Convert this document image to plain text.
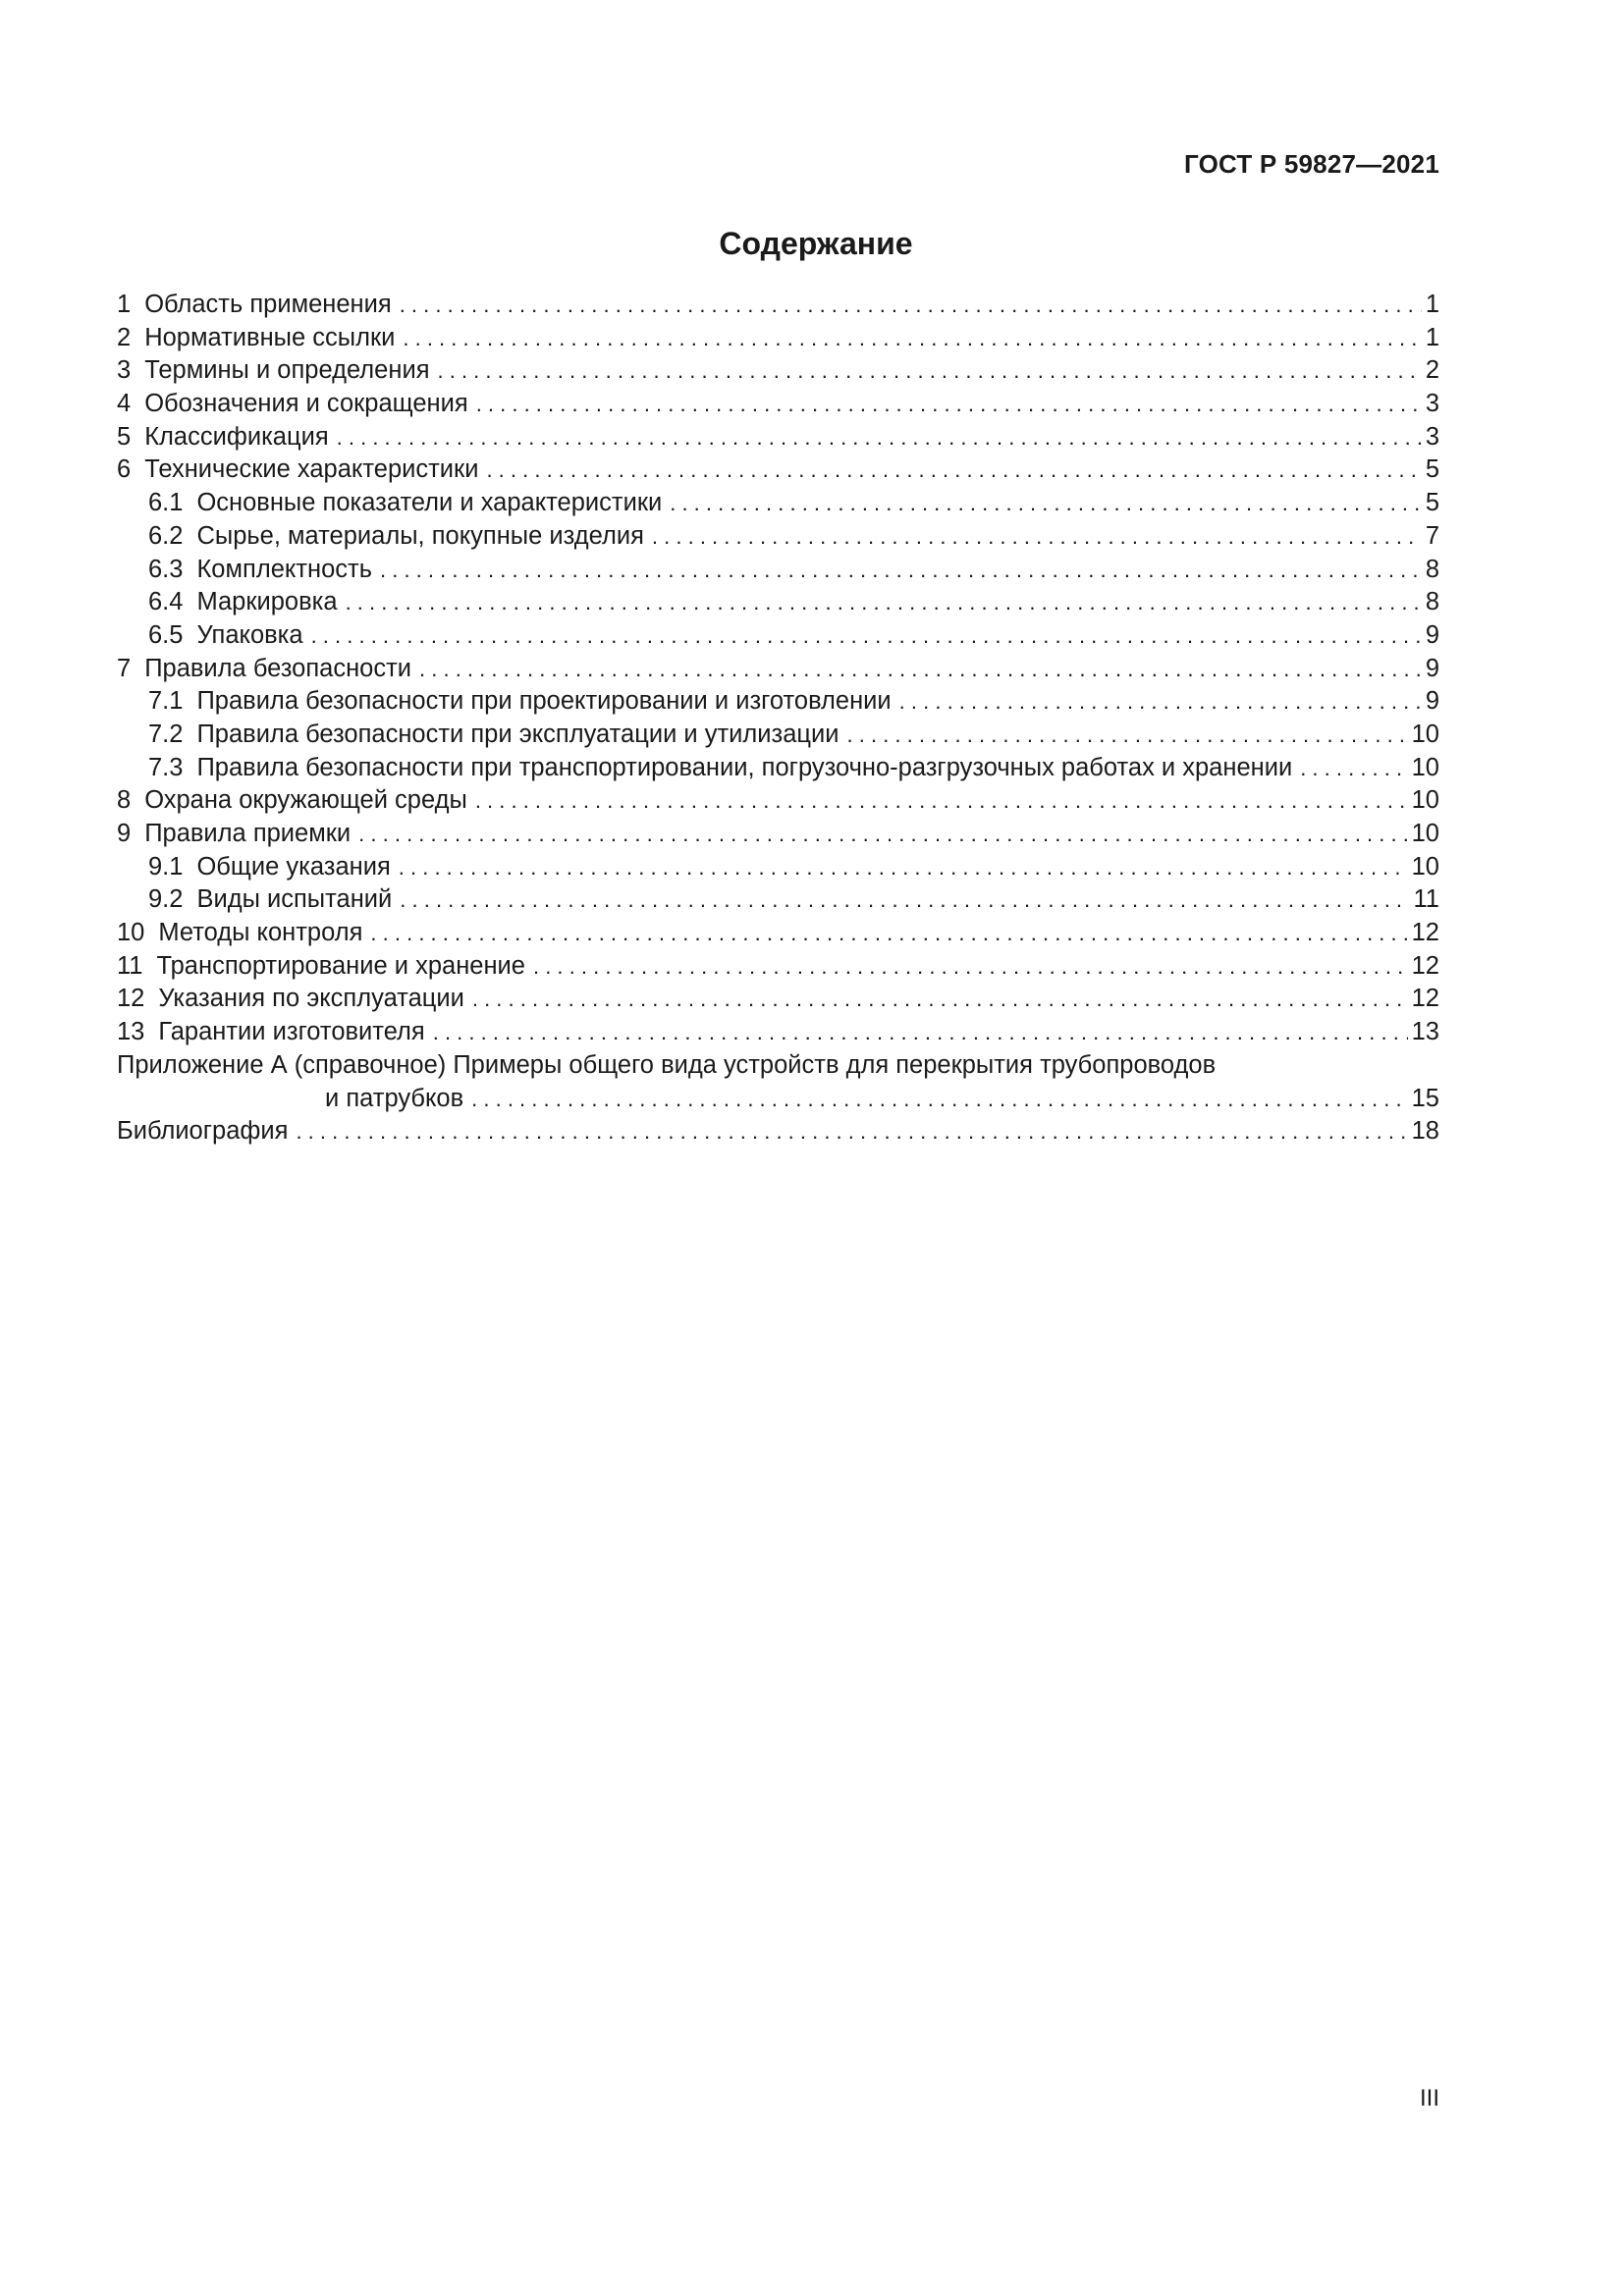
ГОСТ Р 59827—2021
Содержание
1 Область применения . . .	1
2 Нормативные ссылки . . .	1
3 Термины и определения . . .	2
4 Обозначения и сокращения . . .	3
5 Классификация . . .	3
6 Технические характеристики . . .	5
6.1 Основные показатели и характеристики . . .	5
6.2 Сырье, материалы, покупные изделия . . .	7
6.3 Комплектность . . .	8
6.4 Маркировка . . .	8
6.5 Упаковка . . .	9
7 Правила безопасности . . .	9
7.1 Правила безопасности при проектировании и изготовлении . . .	9
7.2 Правила безопасности при эксплуатации и утилизации . . .	10
7.3 Правила безопасности при транспортировании, погрузочно-разгрузочных работах и хранении . . .	10
8 Охрана окружающей среды . . .	10
9 Правила приемки . . .	10
9.1 Общие указания . . .	10
9.2 Виды испытаний . . .	11
10 Методы контроля . . .	12
11 Транспортирование и хранение . . .	12
12 Указания по эксплуатации . . .	12
13 Гарантии изготовителя . . .	13
Приложение А (справочное) Примеры общего вида устройств для перекрытия трубопроводов
и патрубков . . .	15
Библиография . . .	18
III
